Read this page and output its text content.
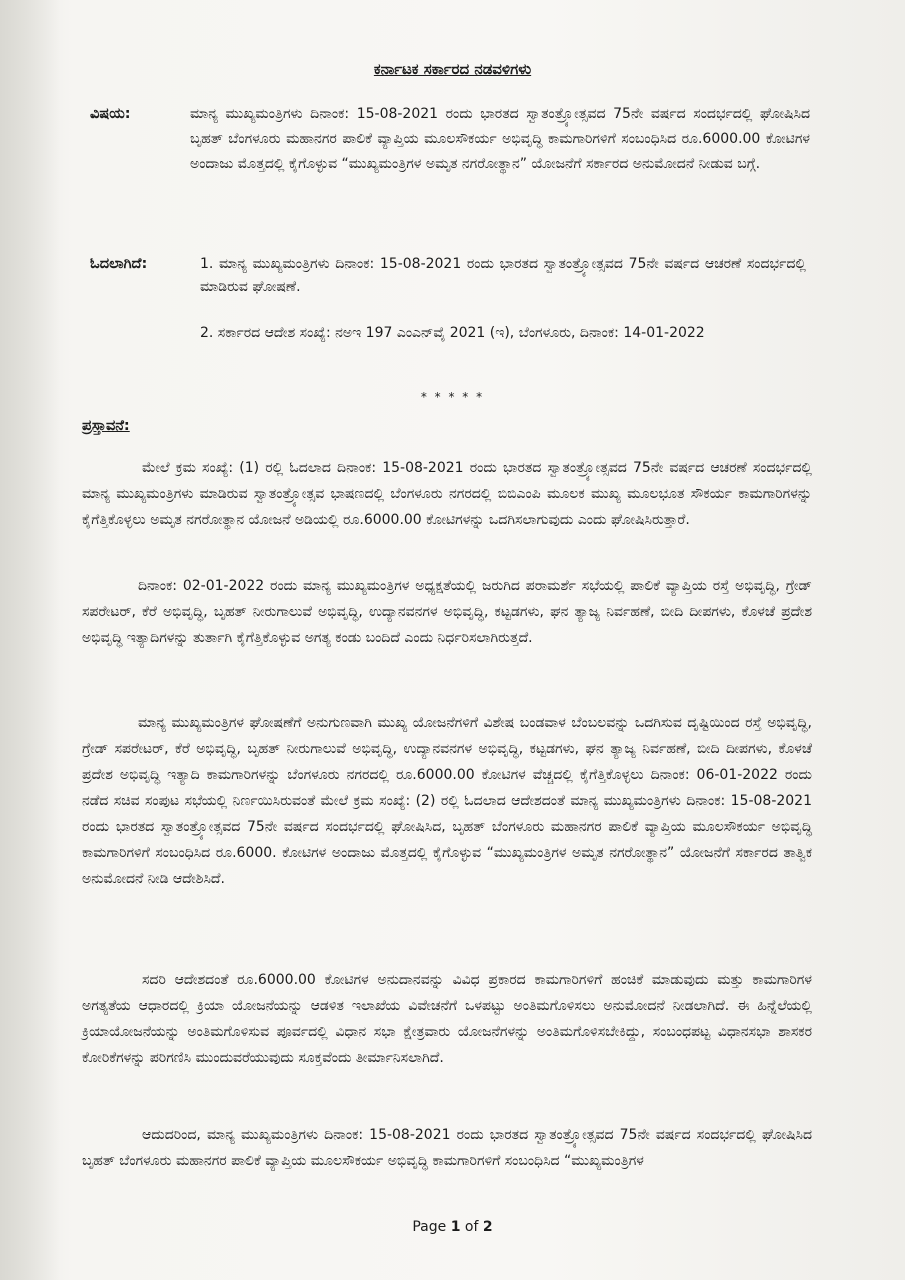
ಕರ್ನಾಟಕ ಸರ್ಕಾರದ ನಡವಳಿಗಳು
ವಿಷಯ:	ಮಾನ್ಯ ಮುಖ್ಯಮಂತ್ರಿಗಳು ದಿನಾಂಕ: 15-08-2021 ರಂದು ಭಾರತದ ಸ್ವಾತಂತ್ರ್ಯೋತ್ಸವದ 75ನೇ ವರ್ಷದ ಸಂದರ್ಭದಲ್ಲಿ ಘೋಷಿಸಿದ ಬೃಹತ್ ಬೆಂಗಳೂರು ಮಹಾನಗರ ಪಾಲಿಕೆ ವ್ಯಾಪ್ತಿಯ ಮೂಲಸೌಕರ್ಯ ಅಭಿವೃದ್ಧಿ ಕಾಮಗಾರಿಗಳಿಗೆ ಸಂಬಂಧಿಸಿದ ರೂ.6000.00 ಕೋಟಿಗಳ ಅಂದಾಜು ಮೊತ್ತದಲ್ಲಿ ಕೈಗೊಳ್ಳುವ “ಮುಖ್ಯಮಂತ್ರಿಗಳ ಅಮೃತ ನಗರೋತ್ಥಾನ” ಯೋಜನೆಗೆ ಸರ್ಕಾರದ ಅನುಮೋದನೆ ನೀಡುವ ಬಗ್ಗೆ.
ಓದಲಾಗಿದೆ:	1. ಮಾನ್ಯ ಮುಖ್ಯಮಂತ್ರಿಗಳು ದಿನಾಂಕ: 15-08-2021 ರಂದು ಭಾರತದ ಸ್ವಾತಂತ್ರ್ಯೋತ್ಸವದ 75ನೇ ವರ್ಷದ ಆಚರಣೆ ಸಂದರ್ಭದಲ್ಲಿ ಮಾಡಿರುವ ಘೋಷಣೆ.
2. ಸರ್ಕಾರದ ಆದೇಶ ಸಂಖ್ಯೆ: ನಅಇ 197 ಎಂಎನ್‌ವೈ 2021 (ಇ), ಬೆಂಗಳೂರು, ದಿನಾಂಕ: 14-01-2022
* * * * *
ಪ್ರಸ್ತಾವನೆ:
ಮೇಲೆ ಕ್ರಮ ಸಂಖ್ಯೆ: (1) ರಲ್ಲಿ ಓದಲಾದ ದಿನಾಂಕ: 15-08-2021 ರಂದು ಭಾರತದ ಸ್ವಾತಂತ್ರ್ಯೋತ್ಸವದ 75ನೇ ವರ್ಷದ ಆಚರಣೆ ಸಂದರ್ಭದಲ್ಲಿ ಮಾನ್ಯ ಮುಖ್ಯಮಂತ್ರಿಗಳು ಮಾಡಿರುವ ಸ್ವಾತಂತ್ರ್ಯೋತ್ಸವ ಭಾಷಣದಲ್ಲಿ ಬೆಂಗಳೂರು ನಗರದಲ್ಲಿ ಬಿಬಿಎಂಪಿ ಮೂಲಕ ಮುಖ್ಯ ಮೂಲಭೂತ ಸೌಕರ್ಯ ಕಾಮಗಾರಿಗಳನ್ನು ಕೈಗೆತ್ತಿಕೊಳ್ಳಲು ಅಮೃತ ನಗರೋತ್ಥಾನ ಯೋಜನೆ ಅಡಿಯಲ್ಲಿ ರೂ.6000.00 ಕೋಟಿಗಳನ್ನು ಒದಗಿಸಲಾಗುವುದು ಎಂದು ಘೋಷಿಸಿರುತ್ತಾರೆ.
ದಿನಾಂಕ: 02-01-2022 ರಂದು ಮಾನ್ಯ ಮುಖ್ಯಮಂತ್ರಿಗಳ ಅಧ್ಯಕ್ಷತೆಯಲ್ಲಿ ಜರುಗಿದ ಪರಾಮರ್ಶೆ ಸಭೆಯಲ್ಲಿ ಪಾಲಿಕೆ ವ್ಯಾಪ್ತಿಯ ರಸ್ತೆ ಅಭಿವೃದ್ಧಿ, ಗ್ರೇಡ್ ಸಪರೇಟರ್, ಕೆರೆ ಅಭಿವೃದ್ಧಿ, ಬೃಹತ್ ನೀರುಗಾಲುವೆ ಅಭಿವೃದ್ಧಿ, ಉದ್ಯಾನವನಗಳ ಅಭಿವೃದ್ಧಿ, ಕಟ್ಟಡಗಳು, ಘನ ತ್ಯಾಜ್ಯ ನಿರ್ವಹಣೆ, ಬೀದಿ ದೀಪಗಳು, ಕೊಳಚೆ ಪ್ರದೇಶ ಅಭಿವೃದ್ಧಿ ಇತ್ಯಾದಿಗಳನ್ನು ತುರ್ತಾಗಿ ಕೈಗೆತ್ತಿಕೊಳ್ಳುವ ಅಗತ್ಯ ಕಂಡು ಬಂದಿದೆ ಎಂದು ನಿರ್ಧರಿಸಲಾಗಿರುತ್ತದೆ.
ಮಾನ್ಯ ಮುಖ್ಯಮಂತ್ರಿಗಳ ಘೋಷಣೆಗೆ ಅನುಗುಣವಾಗಿ ಮುಖ್ಯ ಯೋಜನೆಗಳಿಗೆ ವಿಶೇಷ ಬಂಡವಾಳ ಬೆಂಬಲವನ್ನು ಒದಗಿಸುವ ದೃಷ್ಟಿಯಿಂದ ರಸ್ತೆ ಅಭಿವೃದ್ಧಿ, ಗ್ರೇಡ್ ಸಪರೇಟರ್, ಕೆರೆ ಅಭಿವೃದ್ಧಿ, ಬೃಹತ್ ನೀರುಗಾಲುವೆ ಅಭಿವೃದ್ಧಿ, ಉದ್ಯಾನವನಗಳ ಅಭಿವೃದ್ಧಿ, ಕಟ್ಟಡಗಳು, ಘನ ತ್ಯಾಜ್ಯ ನಿರ್ವಹಣೆ, ಬೀದಿ ದೀಪಗಳು, ಕೊಳಚೆ ಪ್ರದೇಶ ಅಭಿವೃದ್ಧಿ ಇತ್ಯಾದಿ ಕಾಮಗಾರಿಗಳನ್ನು ಬೆಂಗಳೂರು ನಗರದಲ್ಲಿ ರೂ.6000.00 ಕೋಟಿಗಳ ವೆಚ್ಚದಲ್ಲಿ ಕೈಗೆತ್ತಿಕೊಳ್ಳಲು ದಿನಾಂಕ: 06-01-2022 ರಂದು ನಡೆದ ಸಚಿವ ಸಂಪುಟ ಸಭೆಯಲ್ಲಿ ನಿರ್ಣಯಿಸಿರುವಂತೆ ಮೇಲೆ ಕ್ರಮ ಸಂಖ್ಯೆ: (2) ರಲ್ಲಿ ಓದಲಾದ ಆದೇಶದಂತೆ ಮಾನ್ಯ ಮುಖ್ಯಮಂತ್ರಿಗಳು ದಿನಾಂಕ: 15-08-2021 ರಂದು ಭಾರತದ ಸ್ವಾತಂತ್ರ್ಯೋತ್ಸವದ 75ನೇ ವರ್ಷದ ಸಂದರ್ಭದಲ್ಲಿ ಘೋಷಿಸಿದ, ಬೃಹತ್ ಬೆಂಗಳೂರು ಮಹಾನಗರ ಪಾಲಿಕೆ ವ್ಯಾಪ್ತಿಯ ಮೂಲಸೌಕರ್ಯ ಅಭಿವೃದ್ಧಿ ಕಾಮಗಾರಿಗಳಿಗೆ ಸಂಬಂಧಿಸಿದ ರೂ.6000. ಕೋಟಿಗಳ ಅಂದಾಜು ಮೊತ್ತದಲ್ಲಿ ಕೈಗೊಳ್ಳುವ “ಮುಖ್ಯಮಂತ್ರಿಗಳ ಅಮೃತ ನಗರೋತ್ಥಾನ” ಯೋಜನೆಗೆ ಸರ್ಕಾರದ ತಾತ್ವಿಕ ಅನುಮೋದನೆ ನೀಡಿ ಆದೇಶಿಸಿದೆ.
ಸದರಿ ಆದೇಶದಂತೆ ರೂ.6000.00 ಕೋಟಿಗಳ ಅನುದಾನವನ್ನು ವಿವಿಧ ಪ್ರಕಾರದ ಕಾಮಗಾರಿಗಳಿಗೆ ಹಂಚಿಕೆ ಮಾಡುವುದು ಮತ್ತು ಕಾಮಗಾರಿಗಳ ಅಗತ್ಯತೆಯ ಆಧಾರದಲ್ಲಿ ಕ್ರಿಯಾ ಯೋಜನೆಯನ್ನು ಆಡಳಿತ ಇಲಾಖೆಯ ವಿವೇಚನೆಗೆ ಒಳಪಟ್ಟು ಅಂತಿಮಗೊಳಿಸಲು ಅನುಮೋದನೆ ನೀಡಲಾಗಿದೆ. ಈ ಹಿನ್ನೆಲೆಯಲ್ಲಿ ಕ್ರಿಯಾಯೋಜನೆಯನ್ನು ಅಂತಿಮಗೊಳಿಸುವ ಪೂರ್ವದಲ್ಲಿ ವಿಧಾನ ಸಭಾ ಕ್ಷೇತ್ರವಾರು ಯೋಜನೆಗಳನ್ನು ಅಂತಿಮಗೊಳಿಸಬೇಕಿದ್ದು, ಸಂಬಂಧಪಟ್ಟ ವಿಧಾನಸಭಾ ಶಾಸಕರ ಕೋರಿಕೆಗಳನ್ನು ಪರಿಗಣಿಸಿ ಮುಂದುವರೆಯುವುದು ಸೂಕ್ತವೆಂದು ತೀರ್ಮಾನಿಸಲಾಗಿದೆ.
ಆದುದರಿಂದ, ಮಾನ್ಯ ಮುಖ್ಯಮಂತ್ರಿಗಳು ದಿನಾಂಕ: 15-08-2021 ರಂದು ಭಾರತದ ಸ್ವಾತಂತ್ರ್ಯೋತ್ಸವದ 75ನೇ ವರ್ಷದ ಸಂದರ್ಭದಲ್ಲಿ ಘೋಷಿಸಿದ ಬೃಹತ್ ಬೆಂಗಳೂರು ಮಹಾನಗರ ಪಾಲಿಕೆ ವ್ಯಾಪ್ತಿಯ ಮೂಲಸೌಕರ್ಯ ಅಭಿವೃದ್ಧಿ ಕಾಮಗಾರಿಗಳಿಗೆ ಸಂಬಂಧಿಸಿದ “ಮುಖ್ಯಮಂತ್ರಿಗಳ
Page 1 of 2
